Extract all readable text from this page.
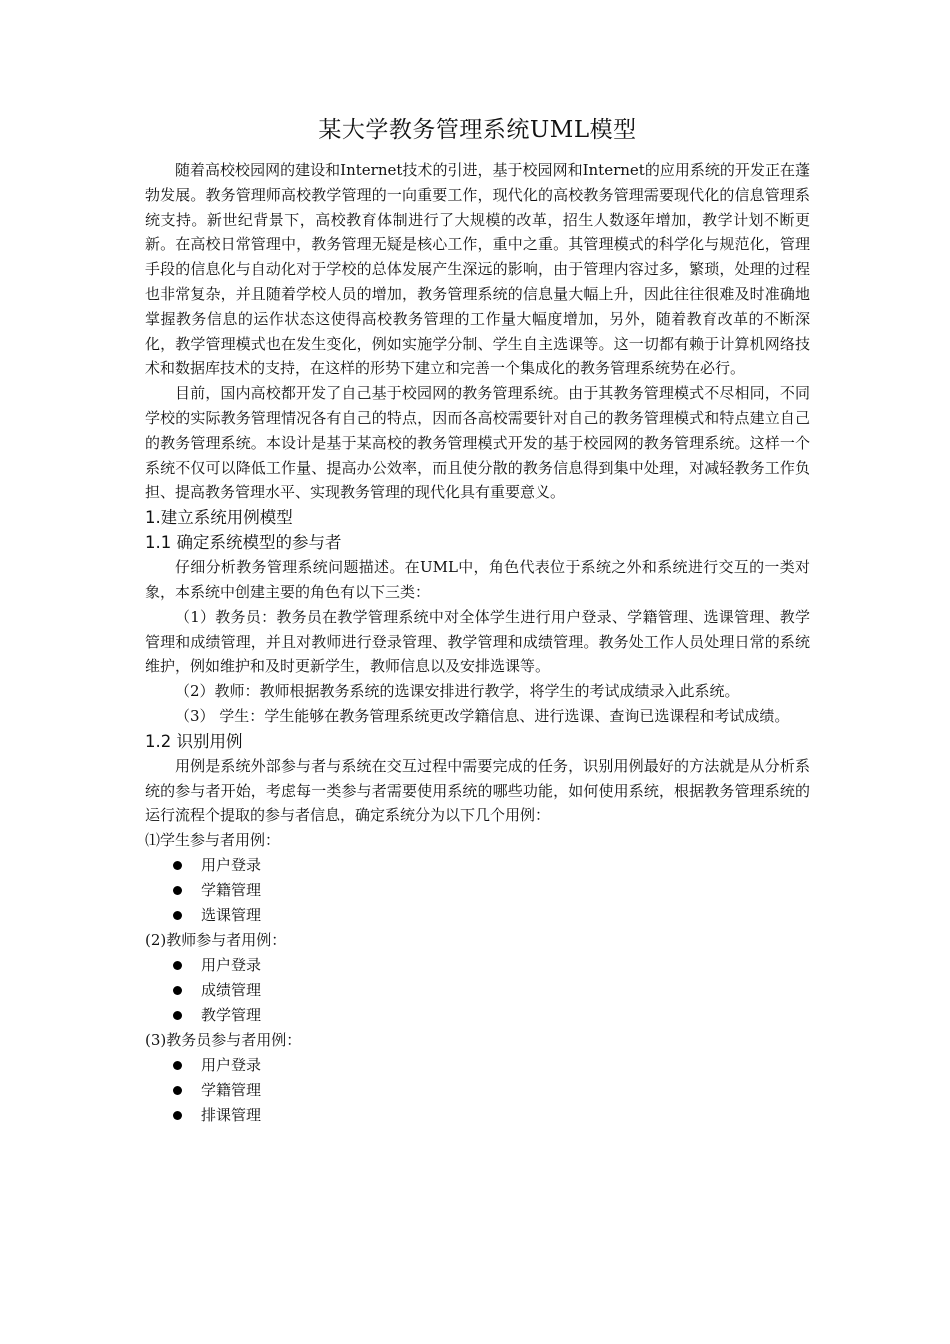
某大学教务管理系统UML模型

随着高校校园网的建设和Internet技术的引进，基于校园网和Internet的应用系统的开发正在蓬勃发展。教务管理师高校教学管理的一向重要工作，现代化的高校教务管理需要现代化的信息管理系统支持。新世纪背景下，高校教育体制进行了大规模的改革，招生人数逐年增加，教学计划不断更新。在高校日常管理中，教务管理无疑是核心工作，重中之重。其管理模式的科学化与规范化，管理手段的信息化与自动化对于学校的总体发展产生深远的影响，由于管理内容过多，繁琐，处理的过程也非常复杂，并且随着学校人员的增加，教务管理系统的信息量大幅上升，因此往往很难及时准确地掌握教务信息的运作状态这使得高校教务管理的工作量大幅度增加，另外，随着教育改革的不断深化，教学管理模式也在发生变化，例如实施学分制、学生自主选课等。这一切都有赖于计算机网络技术和数据库技术的支持，在这样的形势下建立和完善一个集成化的教务管理系统势在必行。

目前，国内高校都开发了自己基于校园网的教务管理系统。由于其教务管理模式不尽相同，不同学校的实际教务管理情况各有自己的特点，因而各高校需要针对自己的教务管理模式和特点建立自己的教务管理系统。本设计是基于某高校的教务管理模式开发的基于校园网的教务管理系统。这样一个系统不仅可以降低工作量、提高办公效率，而且使分散的教务信息得到集中处理，对减轻教务工作负担、提高教务管理水平、实现教务管理的现代化具有重要意义。

1.建立系统用例模型
1.1 确定系统模型的参与者

仔细分析教务管理系统问题描述。在UML中，角色代表位于系统之外和系统进行交互的一类对象，本系统中创建主要的角色有以下三类：

（1）教务员：教务员在教学管理系统中对全体学生进行用户登录、学籍管理、选课管理、教学管理和成绩管理，并且对教师进行登录管理、教学管理和成绩管理。教务处工作人员处理日常的系统维护，例如维护和及时更新学生，教师信息以及安排选课等。

（2）教师：教师根据教务系统的选课安排进行教学，将学生的考试成绩录入此系统。

（3） 学生：学生能够在教务管理系统更改学籍信息、进行选课、查询已选课程和考试成绩。

1.2 识别用例

用例是系统外部参与者与系统在交互过程中需要完成的任务，识别用例最好的方法就是从分析系统的参与者开始，考虑每一类参与者需要使用系统的哪些功能，如何使用系统，根据教务管理系统的运行流程个提取的参与者信息，确定系统分为以下几个用例：

⑴学生参与者用例：
用户登录
学籍管理
选课管理
(2)教师参与者用例：
用户登录
成绩管理
教学管理
(3)教务员参与者用例：
用户登录
学籍管理
排课管理
